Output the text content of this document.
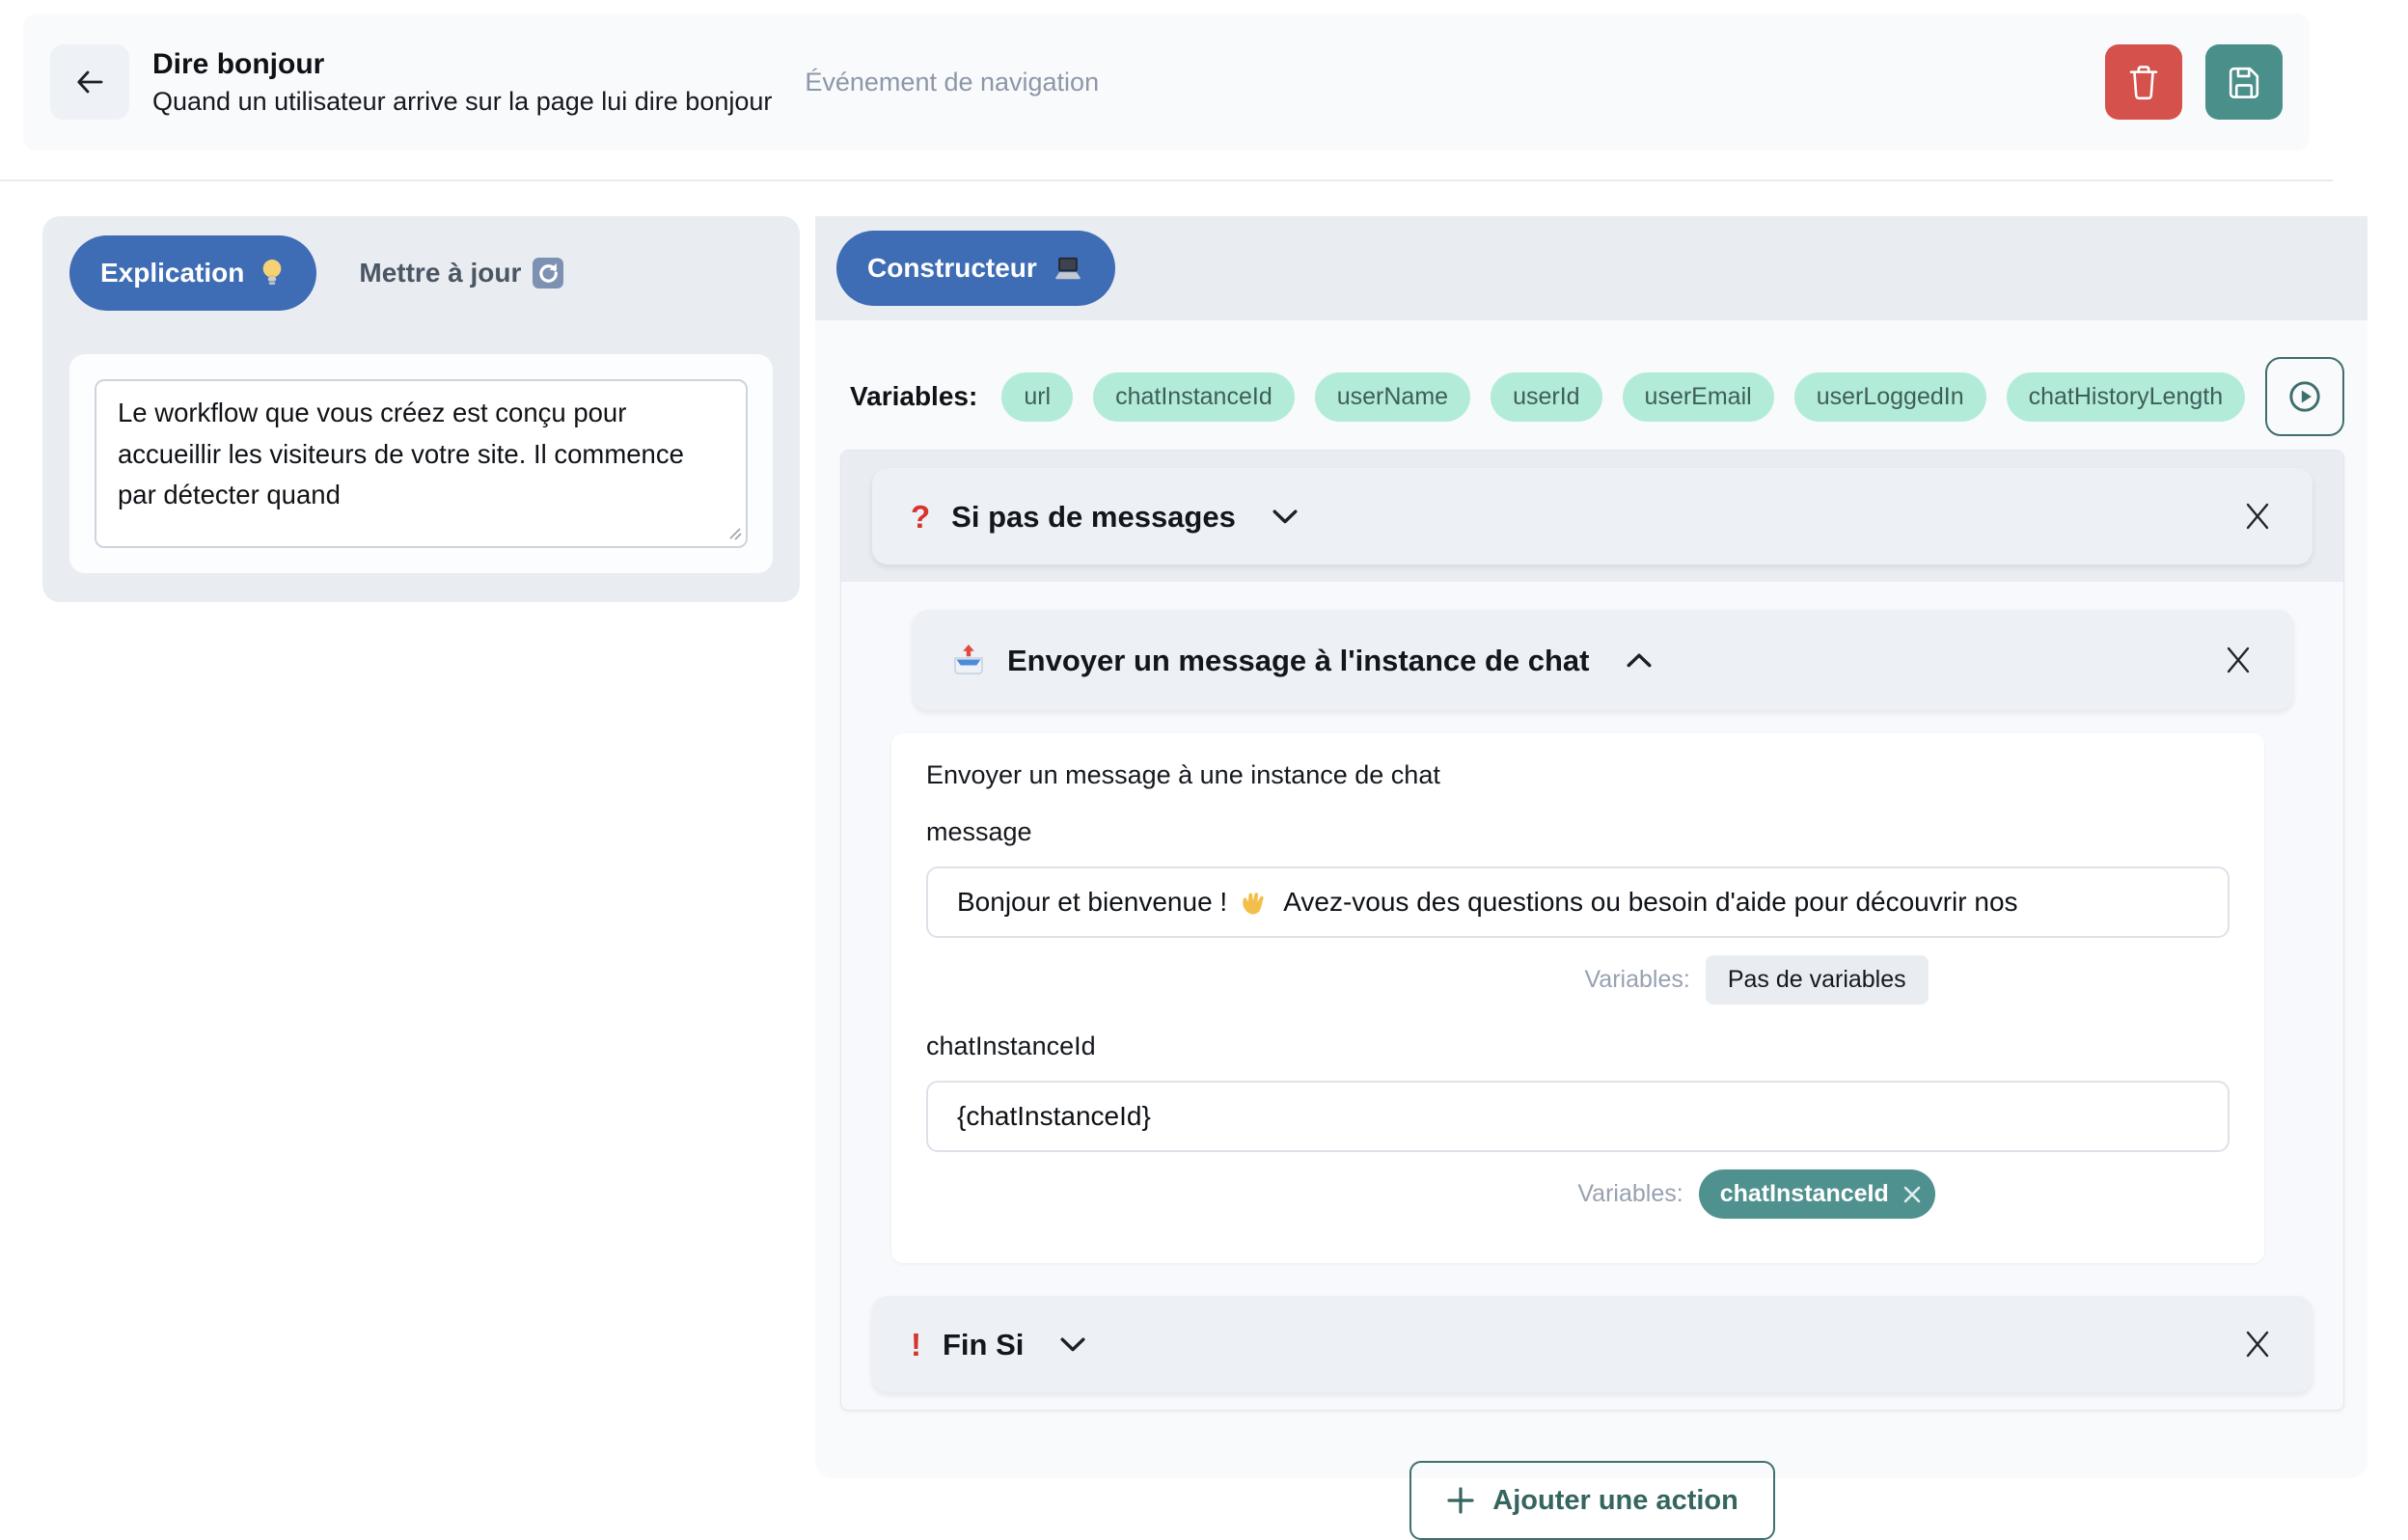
Dire bonjour
Quand un utilisateur arrive sur la page lui dire bonjour
Événement de navigation
Explication	Mettre à jour
Le workflow que vous créez est conçu pour accueillir les visiteurs de votre site. Il commence par détecter quand	Constructeur
Variables:	url	chatInstanceId	userName	userId	userEmail	userLoggedIn	chatHistoryLength
? Si pas de messages
Envoyer un message à l'instance de chat
Envoyer un message à une instance de chat
message
Bonjour et bienvenue ! Avez-vous des questions ou besoin d'aide pour découvrir nos
Variables:	Pas de variables
chatInstanceId
{chatInstanceId}
Variables: chatInstanceId
! Fin Si
Ajouter une action
